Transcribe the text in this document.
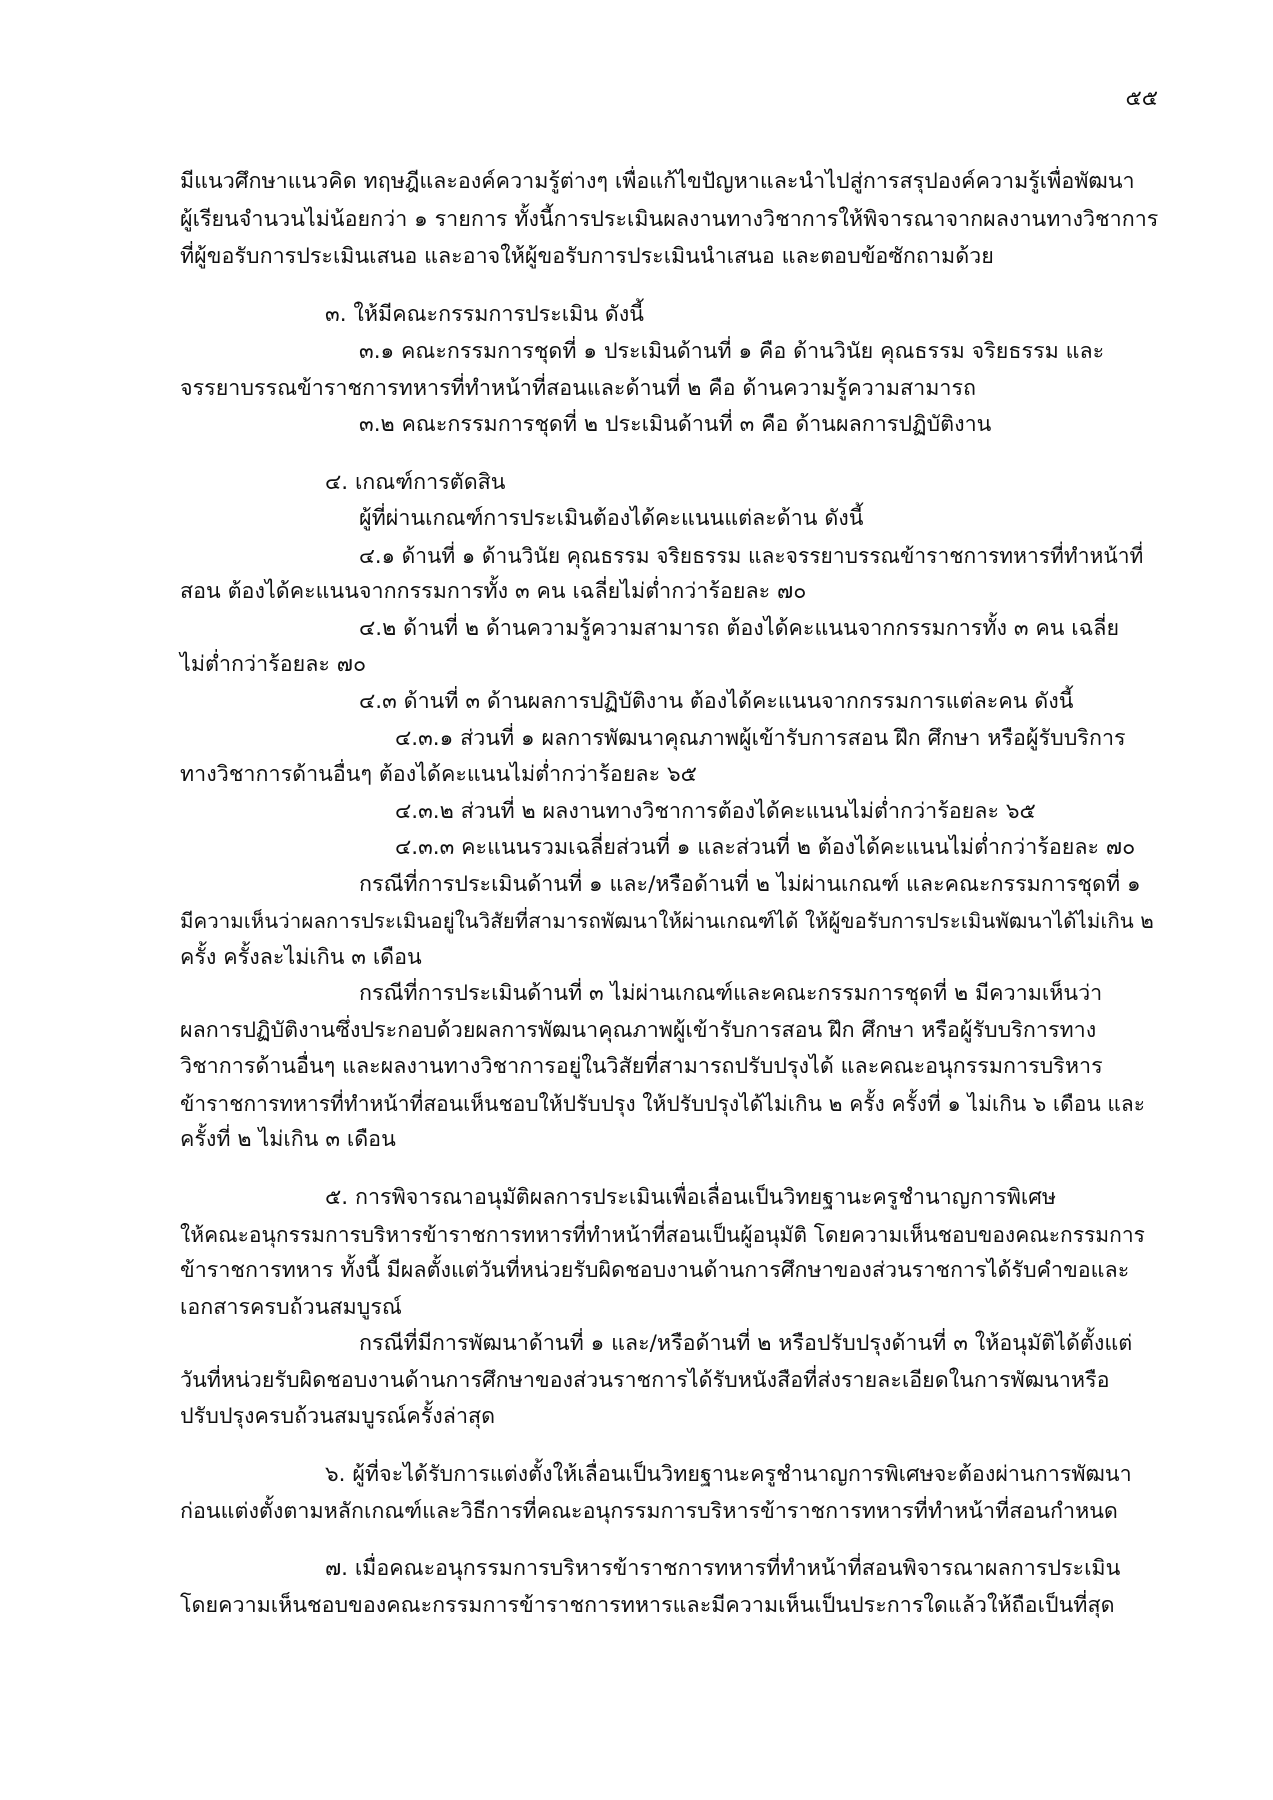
๕๕
มีแนวศึกษาแนวคิด ทฤษฎีและองค์ความรู้ต่างๆ เพื่อแก้ไขปัญหาและนำไปสู่การสรุปองค์ความรู้เพื่อพัฒนา
ผู้เรียนจำนวนไม่น้อยกว่า ๑ รายการ ทั้งนี้การประเมินผลงานทางวิชาการให้พิจารณาจากผลงานทางวิชาการ
ที่ผู้ขอรับการประเมินเสนอ และอาจให้ผู้ขอรับการประเมินนำเสนอ และตอบข้อซักถามด้วย
๓. ให้มีคณะกรรมการประเมิน ดังนี้
๓.๑ คณะกรรมการชุดที่ ๑ ประเมินด้านที่ ๑ คือ ด้านวินัย คุณธรรม จริยธรรม และ
จรรยาบรรณข้าราชการทหารที่ทำหน้าที่สอนและด้านที่ ๒ คือ ด้านความรู้ความสามารถ
๓.๒ คณะกรรมการชุดที่ ๒ ประเมินด้านที่ ๓ คือ ด้านผลการปฏิบัติงาน
๔. เกณฑ์การตัดสิน
ผู้ที่ผ่านเกณฑ์การประเมินต้องได้คะแนนแต่ละด้าน ดังนี้
๔.๑ ด้านที่ ๑ ด้านวินัย คุณธรรม จริยธรรม และจรรยาบรรณข้าราชการทหารที่ทำหน้าที่
สอน ต้องได้คะแนนจากกรรมการทั้ง ๓ คน เฉลี่ยไม่ต่ำกว่าร้อยละ ๗๐
๔.๒ ด้านที่ ๒ ด้านความรู้ความสามารถ ต้องได้คะแนนจากกรรมการทั้ง ๓ คน เฉลี่ย
ไม่ต่ำกว่าร้อยละ ๗๐
๔.๓ ด้านที่ ๓ ด้านผลการปฏิบัติงาน ต้องได้คะแนนจากกรรมการแต่ละคน ดังนี้
๔.๓.๑ ส่วนที่ ๑ ผลการพัฒนาคุณภาพผู้เข้ารับการสอน ฝึก ศึกษา หรือผู้รับบริการ
ทางวิชาการด้านอื่นๆ ต้องได้คะแนนไม่ต่ำกว่าร้อยละ ๖๕
๔.๓.๒ ส่วนที่ ๒ ผลงานทางวิชาการต้องได้คะแนนไม่ต่ำกว่าร้อยละ ๖๕
๔.๓.๓ คะแนนรวมเฉลี่ยส่วนที่ ๑ และส่วนที่ ๒ ต้องได้คะแนนไม่ต่ำกว่าร้อยละ ๗๐
กรณีที่การประเมินด้านที่ ๑ และ/หรือด้านที่ ๒ ไม่ผ่านเกณฑ์ และคณะกรรมการชุดที่ ๑
มีความเห็นว่าผลการประเมินอยู่ในวิสัยที่สามารถพัฒนาให้ผ่านเกณฑ์ได้ ให้ผู้ขอรับการประเมินพัฒนาได้ไม่เกิน ๒
ครั้ง ครั้งละไม่เกิน ๓ เดือน
กรณีที่การประเมินด้านที่ ๓ ไม่ผ่านเกณฑ์และคณะกรรมการชุดที่ ๒ มีความเห็นว่า
ผลการปฏิบัติงานซึ่งประกอบด้วยผลการพัฒนาคุณภาพผู้เข้ารับการสอน ฝึก ศึกษา หรือผู้รับบริการทาง
วิชาการด้านอื่นๆ และผลงานทางวิชาการอยู่ในวิสัยที่สามารถปรับปรุงได้ และคณะอนุกรรมการบริหาร
ข้าราชการทหารที่ทำหน้าที่สอนเห็นชอบให้ปรับปรุง ให้ปรับปรุงได้ไม่เกิน ๒ ครั้ง ครั้งที่ ๑ ไม่เกิน ๖ เดือน และ
ครั้งที่ ๒ ไม่เกิน ๓ เดือน
๕. การพิจารณาอนุมัติผลการประเมินเพื่อเลื่อนเป็นวิทยฐานะครูชำนาญการพิเศษ
ให้คณะอนุกรรมการบริหารข้าราชการทหารที่ทำหน้าที่สอนเป็นผู้อนุมัติ โดยความเห็นชอบของคณะกรรมการ
ข้าราชการทหาร ทั้งนี้ มีผลตั้งแต่วันที่หน่วยรับผิดชอบงานด้านการศึกษาของส่วนราชการได้รับคำขอและ
เอกสารครบถ้วนสมบูรณ์
กรณีที่มีการพัฒนาด้านที่ ๑ และ/หรือด้านที่ ๒ หรือปรับปรุงด้านที่ ๓ ให้อนุมัติได้ตั้งแต่
วันที่หน่วยรับผิดชอบงานด้านการศึกษาของส่วนราชการได้รับหนังสือที่ส่งรายละเอียดในการพัฒนาหรือ
ปรับปรุงครบถ้วนสมบูรณ์ครั้งล่าสุด
๖. ผู้ที่จะได้รับการแต่งตั้งให้เลื่อนเป็นวิทยฐานะครูชำนาญการพิเศษจะต้องผ่านการพัฒนา
ก่อนแต่งตั้งตามหลักเกณฑ์และวิธีการที่คณะอนุกรรมการบริหารข้าราชการทหารที่ทำหน้าที่สอนกำหนด
๗. เมื่อคณะอนุกรรมการบริหารข้าราชการทหารที่ทำหน้าที่สอนพิจารณาผลการประเมิน
โดยความเห็นชอบของคณะกรรมการข้าราชการทหารและมีความเห็นเป็นประการใดแล้วให้ถือเป็นที่สุด
